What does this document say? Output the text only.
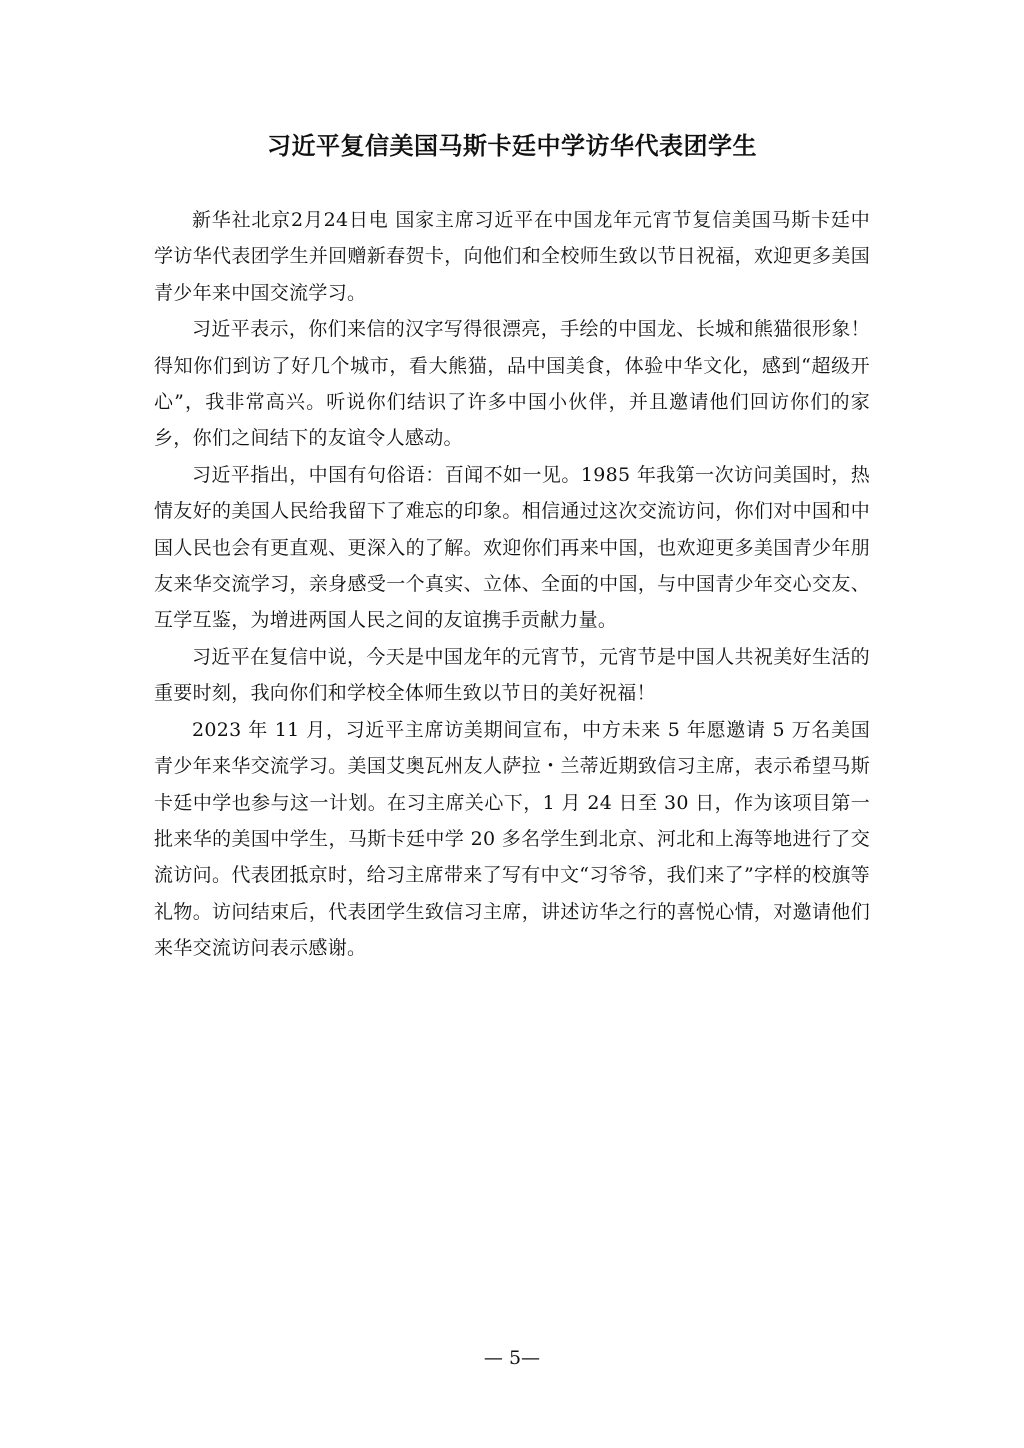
习近平复信美国马斯卡廷中学访华代表团学生

新华社北京2月24日电 国家主席习近平在中国龙年元宵节复信美国马斯卡廷中学访华代表团学生并回赠新春贺卡，向他们和全校师生致以节日祝福，欢迎更多美国青少年来中国交流学习。

习近平表示，你们来信的汉字写得很漂亮，手绘的中国龙、长城和熊猫很形象！得知你们到访了好几个城市，看大熊猫，品中国美食，体验中华文化，感到“超级开心”，我非常高兴。听说你们结识了许多中国小伙伴，并且邀请他们回访你们的家乡，你们之间结下的友谊令人感动。

习近平指出，中国有句俗语：百闻不如一见。1985 年我第一次访问美国时，热情友好的美国人民给我留下了难忘的印象。相信通过这次交流访问，你们对中国和中国人民也会有更直观、更深入的了解。欢迎你们再来中国，也欢迎更多美国青少年朋友来华交流学习，亲身感受一个真实、立体、全面的中国，与中国青少年交心交友、互学互鉴，为增进两国人民之间的友谊携手贡献力量。

习近平在复信中说，今天是中国龙年的元宵节，元宵节是中国人共祝美好生活的重要时刻，我向你们和学校全体师生致以节日的美好祝福！

2023 年 11 月，习近平主席访美期间宣布，中方未来 5 年愿邀请 5 万名美国青少年来华交流学习。美国艾奥瓦州友人萨拉・兰蒂近期致信习主席，表示希望马斯卡廷中学也参与这一计划。在习主席关心下，1 月 24 日至 30 日，作为该项目第一批来华的美国中学生，马斯卡廷中学 20 多名学生到北京、河北和上海等地进行了交流访问。代表团抵京时，给习主席带来了写有中文“习爷爷，我们来了”字样的校旗等礼物。访问结束后，代表团学生致信习主席，讲述访华之行的喜悦心情，对邀请他们来华交流访问表示感谢。

— 5—
